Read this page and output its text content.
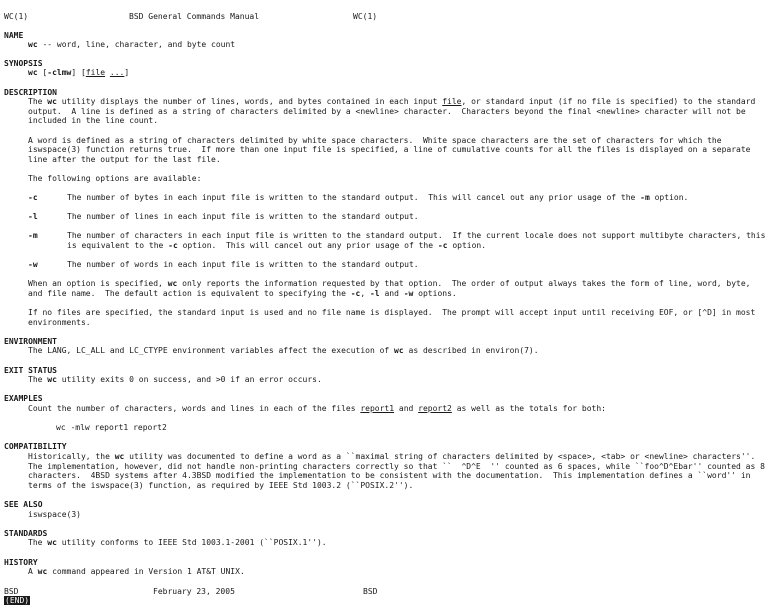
WC(1)	BSD General Commands Manual	WC(1)
NAME
wc -- word, line, character, and byte count
SYNOPSIS
wc [-clmw] [file ...]
DESCRIPTION
The wc utility displays the number of lines, words, and bytes contained in each input file, or standard input (if no file is specified) to the standard
output.  A line is defined as a string of characters delimited by a <newline> character.  Characters beyond the final <newline> character will not be
included in the line count.
A word is defined as a string of characters delimited by white space characters.  White space characters are the set of characters for which the
iswspace(3) function returns true.  If more than one input file is specified, a line of cumulative counts for all the files is displayed on a separate
line after the output for the last file.
The following options are available:
-c	The number of bytes in each input file is written to the standard output.  This will cancel out any prior usage of the -m option.
-l	The number of lines in each input file is written to the standard output.
-m	The number of characters in each input file is written to the standard output.  If the current locale does not support multibyte characters, this
is equivalent to the -c option.  This will cancel out any prior usage of the -c option.
-w	The number of words in each input file is written to the standard output.
When an option is specified, wc only reports the information requested by that option.  The order of output always takes the form of line, word, byte,
and file name.  The default action is equivalent to specifying the -c, -l and -w options.
If no files are specified, the standard input is used and no file name is displayed.  The prompt will accept input until receiving EOF, or [^D] in most
environments.
ENVIRONMENT
The LANG, LC_ALL and LC_CTYPE environment variables affect the execution of wc as described in environ(7).
EXIT STATUS
The wc utility exits 0 on success, and >0 if an error occurs.
EXAMPLES
Count the number of characters, words and lines in each of the files report1 and report2 as well as the totals for both:
wc -mlw report1 report2
COMPATIBILITY
Historically, the wc utility was documented to define a word as a ``maximal string of characters delimited by <space>, <tab> or <newline> characters''.
The implementation, however, did not handle non-printing characters correctly so that ``  ^D^E  '' counted as 6 spaces, while ``foo^D^Ebar'' counted as 8
characters.  4BSD systems after 4.3BSD modified the implementation to be consistent with the documentation.  This implementation defines a ``word'' in
terms of the iswspace(3) function, as required by IEEE Std 1003.2 (``POSIX.2'').
SEE ALSO
iswspace(3)
STANDARDS
The wc utility conforms to IEEE Std 1003.1-2001 (``POSIX.1'').
HISTORY
A wc command appeared in Version 1 AT&T UNIX.
BSD	February 23, 2005	BSD
(END)
